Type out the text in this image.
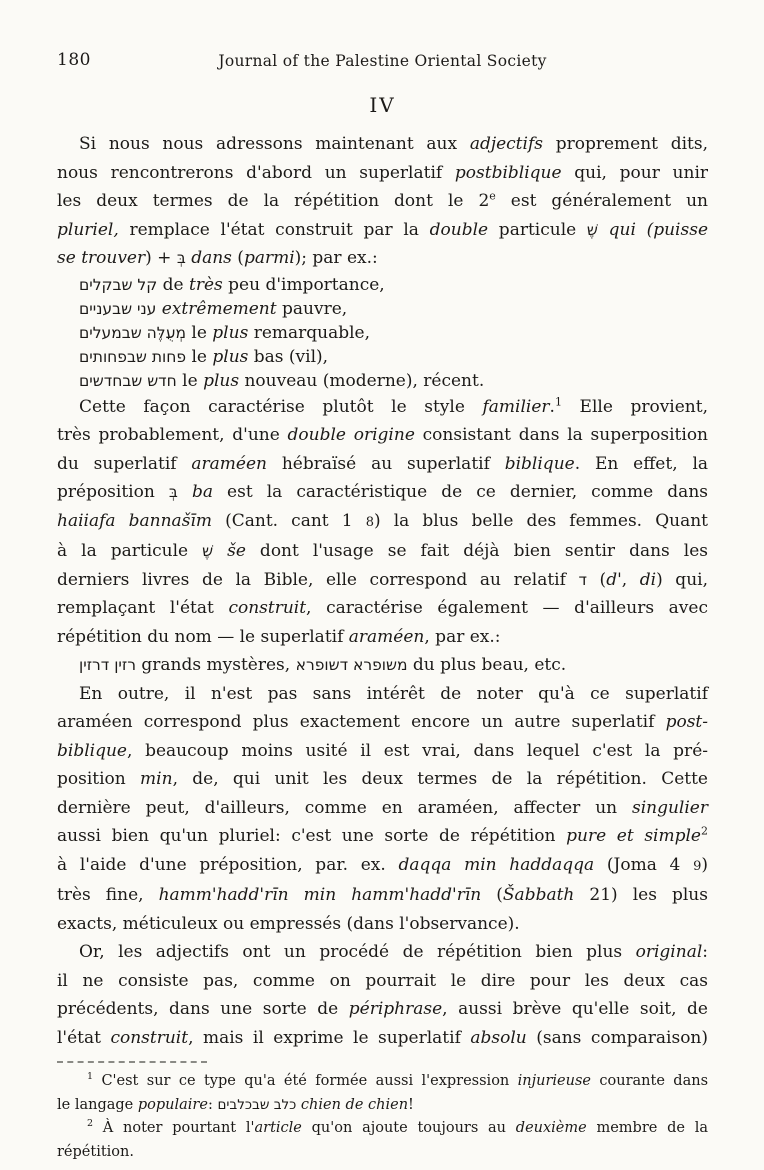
180	Journal of the Palestine Oriental Society
IV
Si nous nous adressons maintenant aux adjectifs proprement dits,
nous rencontrerons d'abord un superlatif postbiblique qui, pour unir
les deux termes de la répétition dont le 2e est généralement un
pluriel, remplace l'état construit par la double particule שֶׁ qui (puisse
se trouver) + בְּ dans (parmi); par ex.:
קל שבקלים de très peu d'importance,
עני שבעניים extrêmement pauvre,
מְעֻלֶּה שבמעלים le plus remarquable,
פחות שבפחותים le plus bas (vil),
חדש שבחדשים le plus nouveau (moderne), récent.
Cette façon caractérise plutôt le style familier.$^1$ Elle provient,
très probablement, d'une double origine consistant dans la superposition
du superlatif araméen hébraïsé au superlatif biblique. En effet, la
préposition בְּ ba est la caractéristique de ce dernier, comme dans
haiiafa bannašīm (Cant. cant 1 8) la blus belle des femmes. Quant
à la particule שֶׁ še dont l'usage se fait déjà bien sentir dans les
derniers livres de la Bible, elle correspond au relatif ד (d', di) qui,
remplaçant l'état construit, caractérise également — d'ailleurs avec
répétition du nom — le superlatif araméen, par ex.:
רזין דרזין grands mystères, משופרא דשופרא du plus beau, etc.
En outre, il n'est pas sans intérêt de noter qu'à ce superlatif
araméen correspond plus exactement encore un autre superlatif post-
biblique, beaucoup moins usité il est vrai, dans lequel c'est la pré-
position min, de, qui unit les deux termes de la répétition. Cette
dernière peut, d'ailleurs, comme en araméen, affecter un singulier
aussi bien qu'un pluriel: c'est une sorte de répétition pure et simple$^2$
à l'aide d'une préposition, par. ex. daqqa min haddaqqa (Joma 4 9)
très fine, hamm'hadd'rīn min hamm'hadd'rīn (Šabbath 21) les plus
exacts, méticuleux ou empressés (dans l'observance).
Or, les adjectifs ont un procédé de répétition bien plus original:
il ne consiste pas, comme on pourrait le dire pour les deux cas
précédents, dans une sorte de périphrase, aussi brève qu'elle soit, de
l'état construit, mais il exprime le superlatif absolu (sans comparaison)
$^1$ C'est sur ce type qu'a été formée aussi l'expression injurieuse courante dans
le langage populaire: כלב שבכלבים chien de chien!
$^2$ À noter pourtant l'article qu'on ajoute toujours au deuxième membre de la
répétition.
